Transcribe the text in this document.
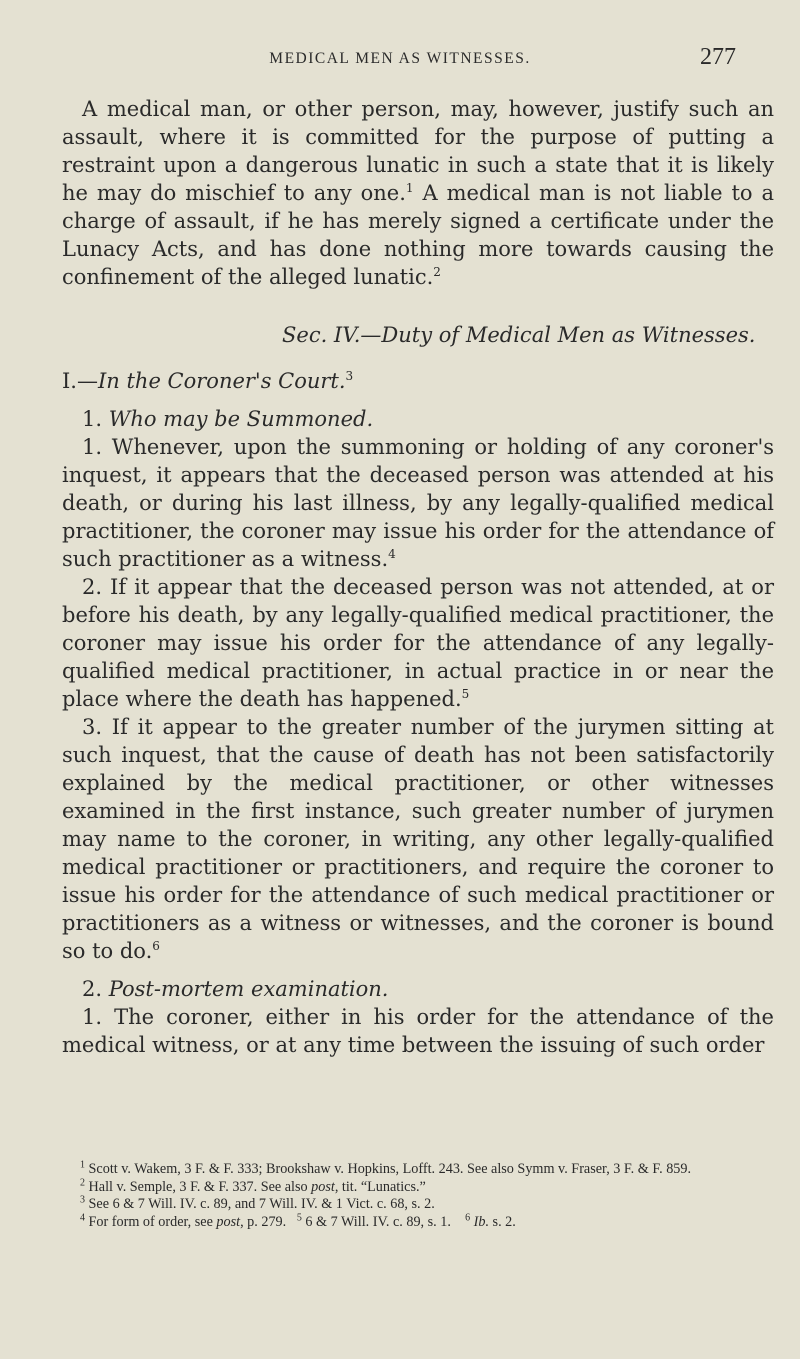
MEDICAL MEN AS WITNESSES.	277

A medical man, or other person, may, however, justify such an assault, where it is committed for the purpose of putting a restraint upon a dangerous lunatic in such a state that it is likely he may do mischief to any one.$^1$ A medical man is not liable to a charge of assault, if he has merely signed a certificate under the Lunacy Acts, and has done nothing more towards causing the confinement of the alleged lunatic.$^2$

Sec. IV.—Duty of Medical Men as Witnesses.

I.—In the Coroner's Court.$^3$

1. Who may be Summoned.

1. Whenever, upon the summoning or holding of any coroner's inquest, it appears that the deceased person was attended at his death, or during his last illness, by any legally-qualified medical practitioner, the coroner may issue his order for the attendance of such practitioner as a witness.$^4$

2. If it appear that the deceased person was not attended, at or before his death, by any legally-qualified medical practitioner, the coroner may issue his order for the attendance of any legally-qualified medical practitioner, in actual practice in or near the place where the death has happened.$^5$

3. If it appear to the greater number of the jurymen sitting at such inquest, that the cause of death has not been satisfactorily explained by the medical practitioner, or other witnesses examined in the first instance, such greater number of jurymen may name to the coroner, in writing, any other legally-qualified medical practitioner or practitioners, and require the coroner to issue his order for the attendance of such medical practitioner or practitioners as a witness or witnesses, and the coroner is bound so to do.$^6$

2. Post-mortem examination.

1. The coroner, either in his order for the attendance of the medical witness, or at any time between the issuing of such order

$^1$ Scott v. Wakem, 3 F. & F. 333; Brookshaw v. Hopkins, Lofft. 243. See also Symm v. Fraser, 3 F. & F. 859.

$^2$ Hall v. Semple, 3 F. & F. 337. See also post, tit. “Lunatics.”

$^3$ See 6 & 7 Will. IV. c. 89, and 7 Will. IV. & 1 Vict. c. 68, s. 2.

$^4$ For form of order, see post, p. 279. $^5$ 6 & 7 Will. IV. c. 89, s. 1. $^6$ Ib. s. 2.
